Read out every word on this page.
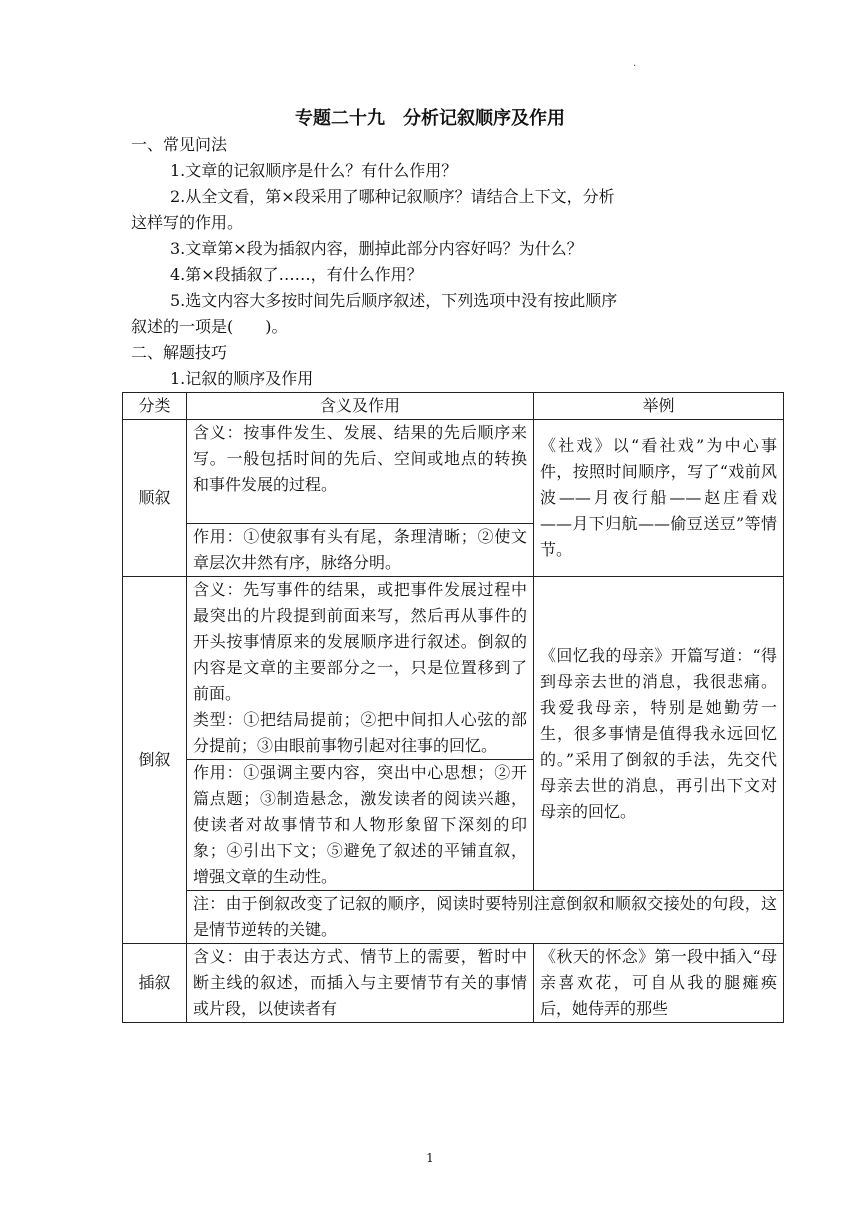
.
专题二十九　分析记叙顺序及作用
一、常见问法
1.文章的记叙顺序是什么？有什么作用？
2.从全文看，第×段采用了哪种记叙顺序？请结合上下文，分析
这样写的作用。
3.文章第×段为插叙内容，删掉此部分内容好吗？为什么？
4.第×段插叙了……，有什么作用？
5.选文内容大多按时间先后顺序叙述，下列选项中没有按此顺序
叙述的一项是(　　)。
二、解题技巧
1.记叙的顺序及作用
分类	含义及作用	举例
顺叙	含义：按事件发生、发展、结果的先后顺序来写。一般包括时间的先后、空间或地点的转换和事件发展的过程。	《社戏》以“看社戏”为中心事件，按照时间顺序，写了“戏前风波——月夜行船——赵庄看戏——月下归航——偷豆送豆”等情节。
	作用：①使叙事有头有尾，条理清晰；②使文章层次井然有序，脉络分明。	
倒叙	含义：先写事件的结果，或把事件发展过程中最突出的片段提到前面来写，然后再从事件的开头按事情原来的发展顺序进行叙述。倒叙的内容是文章的主要部分之一，只是位置移到了前面。
类型：①把结局提前；②把中间扣人心弦的部分提前；③由眼前事物引起对往事的回忆。	《回忆我的母亲》开篇写道：“得到母亲去世的消息，我很悲痛。我爱我母亲，特别是她勤劳一生，很多事情是值得我永远回忆的。”采用了倒叙的手法，先交代母亲去世的消息，再引出下文对母亲的回忆。
	作用：①强调主要内容，突出中心思想；②开篇点题；③制造悬念，激发读者的阅读兴趣，使读者对故事情节和人物形象留下深刻的印象；④引出下文；⑤避免了叙述的平铺直叙，增强文章的生动性。	
	注：由于倒叙改变了记叙的顺序，阅读时要特别注意倒叙和顺叙交接处的句段，这是情节逆转的关键。	
插叙	含义：由于表达方式、情节上的需要，暂时中断主线的叙述，而插入与主要情节有关的事情或片段，以使读者有	《秋天的怀念》第一段中插入“母亲喜欢花，可自从我的腿瘫痪后，她侍弄的那些
1
